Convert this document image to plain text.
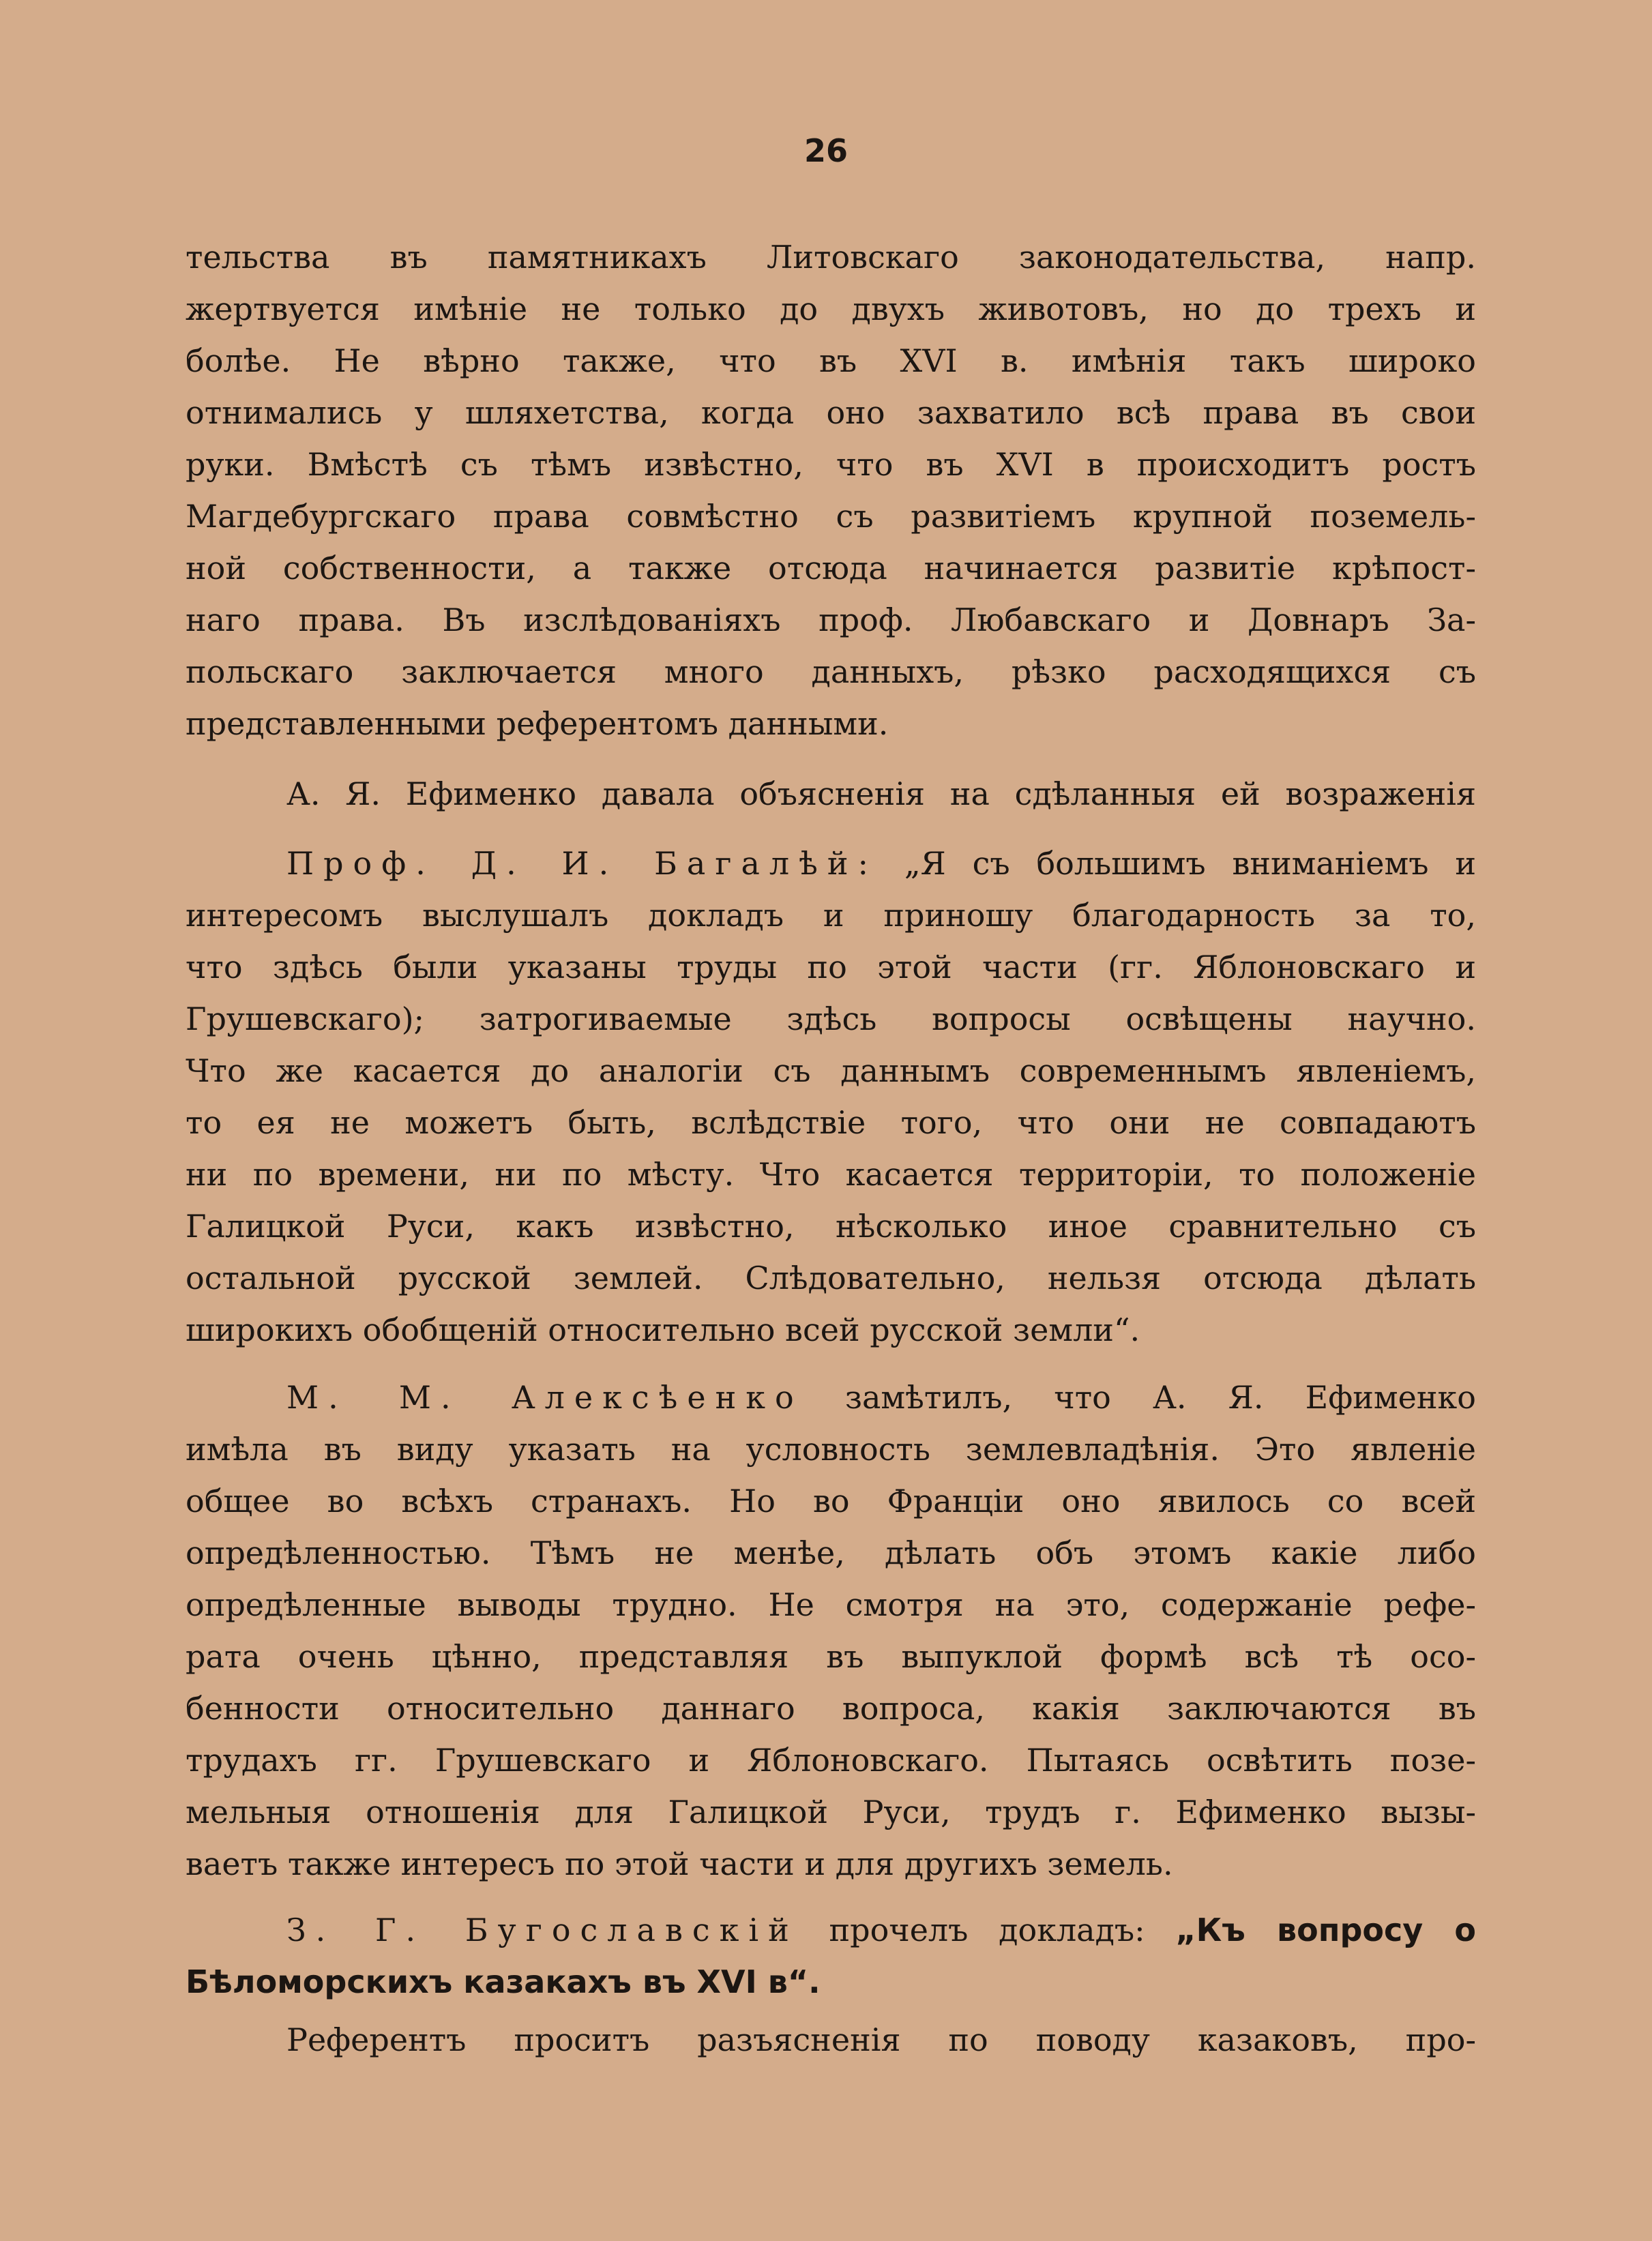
26
тельства въ памятникахъ Литовскаго законодательства, напр.
жертвуется имѣніе не только до двухъ животовъ, но до трехъ и
болѣе. Не вѣрно также, что въ XVI в. имѣнія такъ широко
отнимались у шляхетства, когда оно захватило всѣ права въ свои
руки. Вмѣстѣ съ тѣмъ извѣстно, что въ XVI в происходитъ ростъ
Магдебургскаго права совмѣстно съ развитіемъ крупной поземель-
ной собственности, а также отсюда начинается развитіе крѣпост-
наго права. Въ изслѣдованіяхъ проф. Любавскаго и Довнаръ За-
польскаго заключается много данныхъ, рѣзко расходящихся съ
представленными референтомъ данными.
А. Я. Ефименко давала объясненія на сдѣланныя ей возраженія
Проф. Д. И. Багалѣй: „Я съ большимъ вниманіемъ и
интересомъ выслушалъ докладъ и приношу благодарность за то,
что здѣсь были указаны труды по этой части (гг. Яблоновскаго и
Грушевскаго); затрогиваемые здѣсь вопросы освѣщены научно.
Что же касается до аналогіи съ даннымъ современнымъ явленіемъ,
то ея не можетъ быть, вслѣдствіе того, что они не совпадаютъ
ни по времени, ни по мѣсту. Что касается территоріи, то положеніе
Галицкой Руси, какъ извѣстно, нѣсколько иное сравнительно съ
остальной русской землей. Слѣдовательно, нельзя отсюда дѣлать
широкихъ обобщеній относительно всей русской земли“.
М. М. Алексѣенко замѣтилъ, что А. Я. Ефименко
имѣла въ виду указать на условность землевладѣнія. Это явленіе
общее во всѣхъ странахъ. Но во Франціи оно явилось со всей
опредѣленностью. Тѣмъ не менѣе, дѣлать объ этомъ какіе либо
опредѣленные выводы трудно. Не смотря на это, содержаніе рефе-
рата очень цѣнно, представляя въ выпуклой формѣ всѣ тѣ осо-
бенности относительно даннаго вопроса, какія заключаются въ
трудахъ гг. Грушевскаго и Яблоновскаго. Пытаясь освѣтить позе-
мельныя отношенія для Галицкой Руси, трудъ г. Ефименко вызы-
ваетъ также интересъ по этой части и для другихъ земель.
З. Г. Бугославскій прочелъ докладъ: „Къ вопросу о
Бѣломорскихъ казакахъ въ XVI в“.
Референтъ проситъ разъясненія по поводу казаковъ, про-
